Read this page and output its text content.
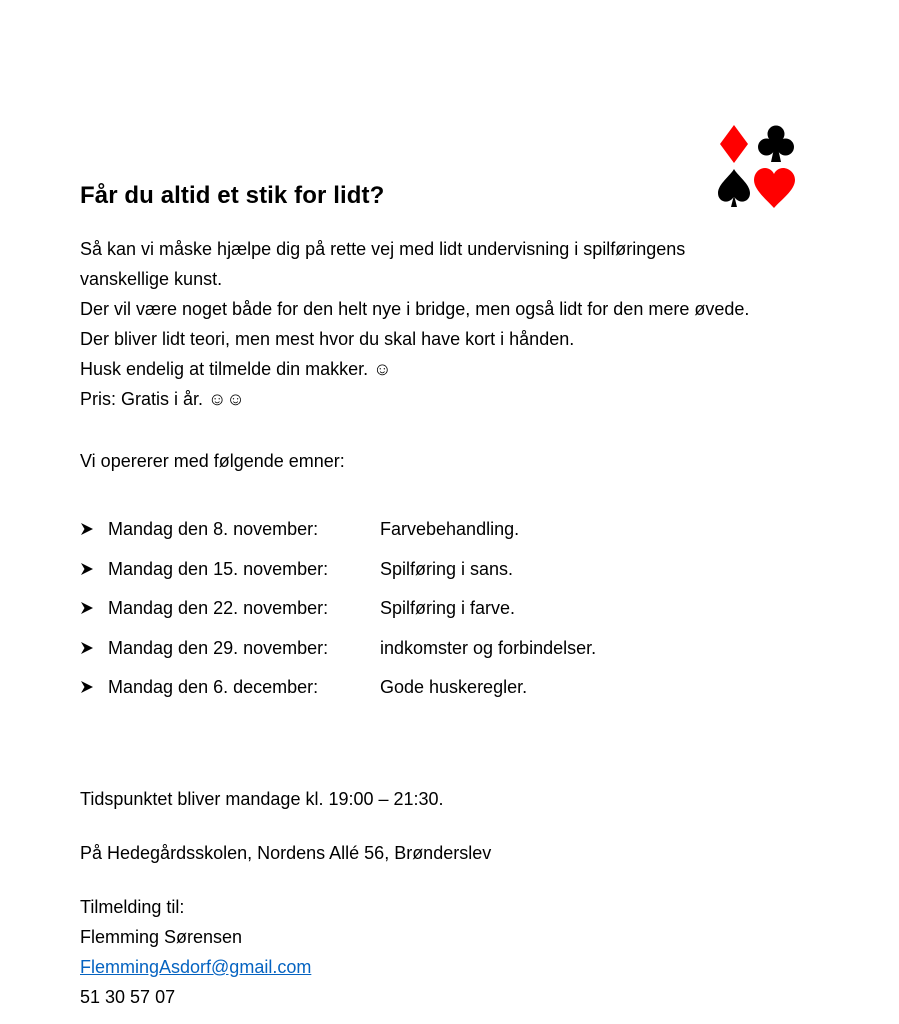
Får du altid et stik for lidt?
Så kan vi måske hjælpe dig på rette vej med lidt undervisning i spilføringens
vanskellige kunst.
Der vil være noget både for den helt nye i bridge, men også lidt for den mere øvede.
Der bliver lidt teori, men mest hvor du skal have kort i hånden.
Husk endelig at tilmelde din makker. ☺
Pris: Gratis i år. ☺☺
Vi opererer med følgende emner:
Mandag den 8. november:	Farvebehandling.
Mandag den 15. november:	Spilføring i sans.
Mandag den 22. november:	Spilføring i farve.
Mandag den 29. november:	indkomster og forbindelser.
Mandag den 6. december:	Gode huskeregler.
Tidspunktet bliver mandage kl. 19:00 – 21:30.
På Hedegårdsskolen, Nordens Allé 56, Brønderslev
Tilmelding til:
Flemming Sørensen
FlemmingAsdorf@gmail.com
51 30 57 07
